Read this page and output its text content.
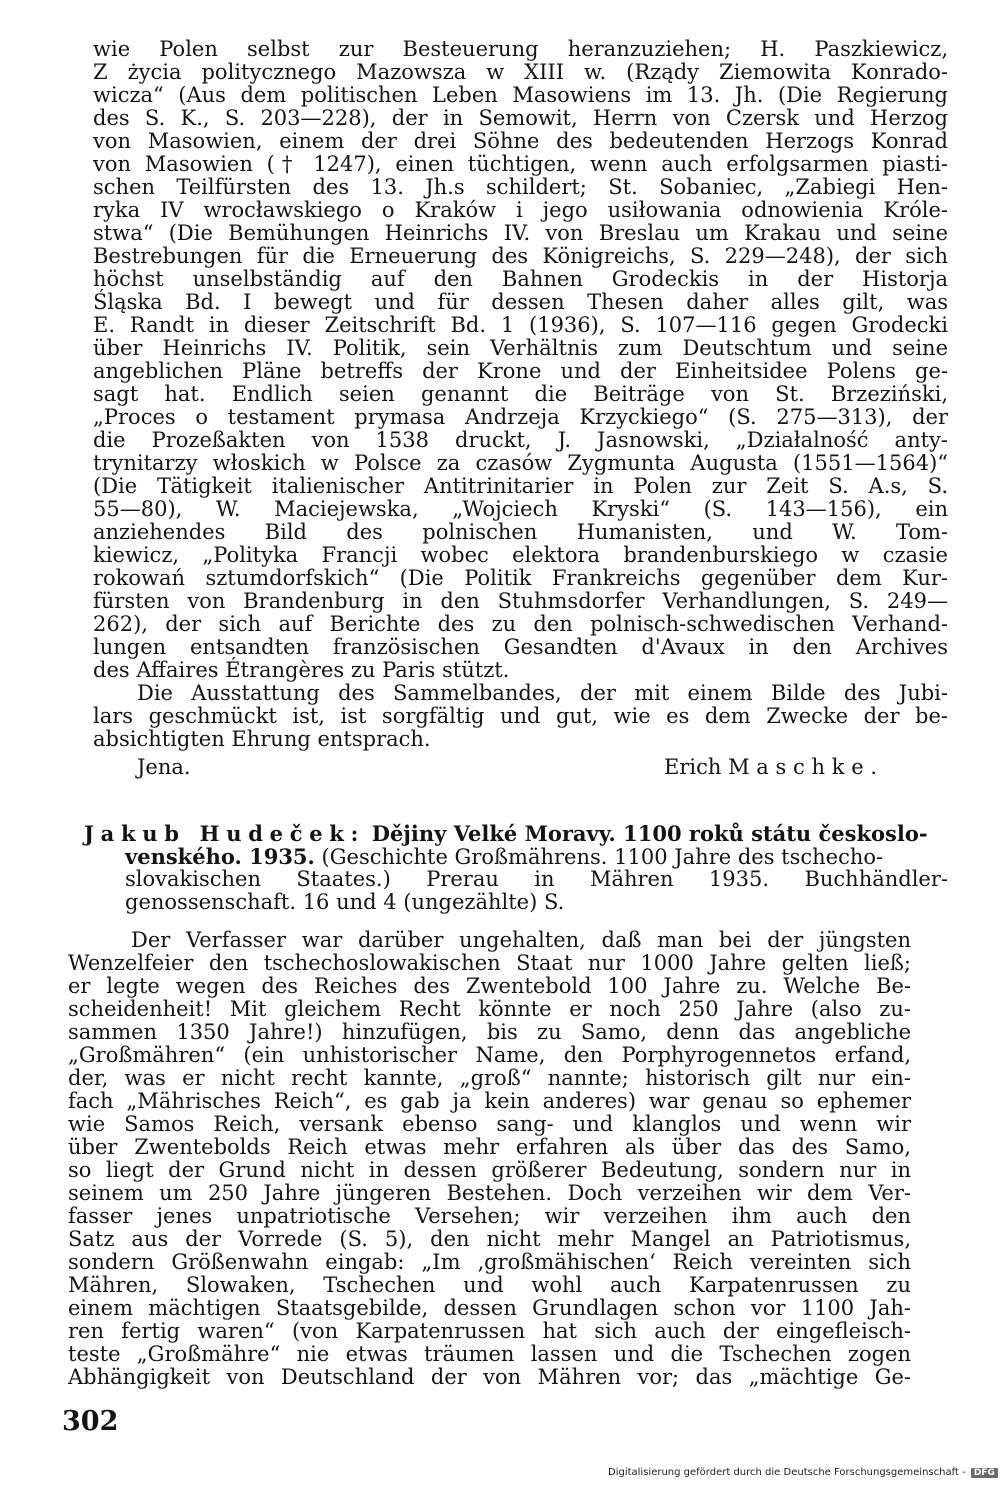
wie Polen selbst zur Besteuerung heranzuziehen; H. Paszkiewicz,

Z życia politycznego Mazowsza w XIII w. (Rządy Ziemowita Konrado-

wicza“ (Aus dem politischen Leben Masowiens im 13. Jh. (Die Regierung

des S. K., S. 203—228), der in Semowit, Herrn von Czersk und Herzog

von Masowien, einem der drei Söhne des bedeutenden Herzogs Konrad

von Masowien († 1247), einen tüchtigen, wenn auch erfolgsarmen piasti-

schen Teilfürsten des 13. Jh.s schildert; St. Sobaniec, „Zabiegi Hen-

ryka IV wrocławskiego o Kraków i jego usiłowania odnowienia Króle-

stwa“ (Die Bemühungen Heinrichs IV. von Breslau um Krakau und seine

Bestrebungen für die Erneuerung des Königreichs, S. 229—248), der sich

höchst unselbständig auf den Bahnen Grodeckis in der Historja

Śląska Bd. I bewegt und für dessen Thesen daher alles gilt, was

E. Randt in dieser Zeitschrift Bd. 1 (1936), S. 107—116 gegen Grodecki

über Heinrichs IV. Politik, sein Verhältnis zum Deutschtum und seine

angeblichen Pläne betreffs der Krone und der Einheitsidee Polens ge-

sagt hat. Endlich seien genannt die Beiträge von St. Brzeziński,

„Proces o testament prymasa Andrzeja Krzyckiego“ (S. 275—313), der

die Prozeßakten von 1538 druckt, J. Jasnowski, „Działalność anty-

trynitarzy włoskich w Polsce za czasów Zygmunta Augusta (1551—1564)“

(Die Tätigkeit italienischer Antitrinitarier in Polen zur Zeit S. A.s, S.

55—80), W. Maciejewska, „Wojciech Kryski“ (S. 143—156), ein

anziehendes Bild des polnischen Humanisten, und W. Tom-

kiewicz, „Polityka Francji wobec elektora brandenburskiego w czasie

rokowań sztumdorfskich“ (Die Politik Frankreichs gegenüber dem Kur-

fürsten von Brandenburg in den Stuhmsdorfer Verhandlungen, S. 249—

262), der sich auf Berichte des zu den polnisch-schwedischen Verhand-

lungen entsandten französischen Gesandten d'Avaux in den Archives

des Affaires Étrangères zu Paris stützt.

Die Ausstattung des Sammelbandes, der mit einem Bilde des Jubi-

lars geschmückt ist, ist sorgfältig und gut, wie es dem Zwecke der be-

absichtigten Ehrung entsprach.

Jena.	Erich Maschke.

Jakub Hudeček: Dějiny Velké Moravy. 1100 roků státu českoslo-

venského. 1935. (Geschichte Großmährens. 1100 Jahre des tschecho-

slovakischen Staates.) Prerau in Mähren 1935. Buchhändler-

genossenschaft. 16 und 4 (ungezählte) S.

Der Verfasser war darüber ungehalten, daß man bei der jüngsten

Wenzelfeier den tschechoslowakischen Staat nur 1000 Jahre gelten ließ;

er legte wegen des Reiches des Zwentebold 100 Jahre zu. Welche Be-

scheidenheit! Mit gleichem Recht könnte er noch 250 Jahre (also zu-

sammen 1350 Jahre!) hinzufügen, bis zu Samo, denn das angebliche

„Großmähren“ (ein unhistorischer Name, den Porphyrogennetos erfand,

der, was er nicht recht kannte, „groß“ nannte; historisch gilt nur ein-

fach „Mährisches Reich“, es gab ja kein anderes) war genau so ephemer

wie Samos Reich, versank ebenso sang- und klanglos und wenn wir

über Zwentebolds Reich etwas mehr erfahren als über das des Samo,

so liegt der Grund nicht in dessen größerer Bedeutung, sondern nur in

seinem um 250 Jahre jüngeren Bestehen. Doch verzeihen wir dem Ver-

fasser jenes unpatriotische Versehen; wir verzeihen ihm auch den

Satz aus der Vorrede (S. 5), den nicht mehr Mangel an Patriotismus,

sondern Größenwahn eingab: „Im ‚großmähischen‘ Reich vereinten sich

Mähren, Slowaken, Tschechen und wohl auch Karpatenrussen zu

einem mächtigen Staatsgebilde, dessen Grundlagen schon vor 1100 Jah-

ren fertig waren“ (von Karpatenrussen hat sich auch der eingefleisch-

teste „Großmähre“ nie etwas träumen lassen und die Tschechen zogen

Abhängigkeit von Deutschland der von Mähren vor; das „mächtige Ge-

302

Digitalisierung gefördert durch die Deutsche Forschungsgemeinschaft - DFG
